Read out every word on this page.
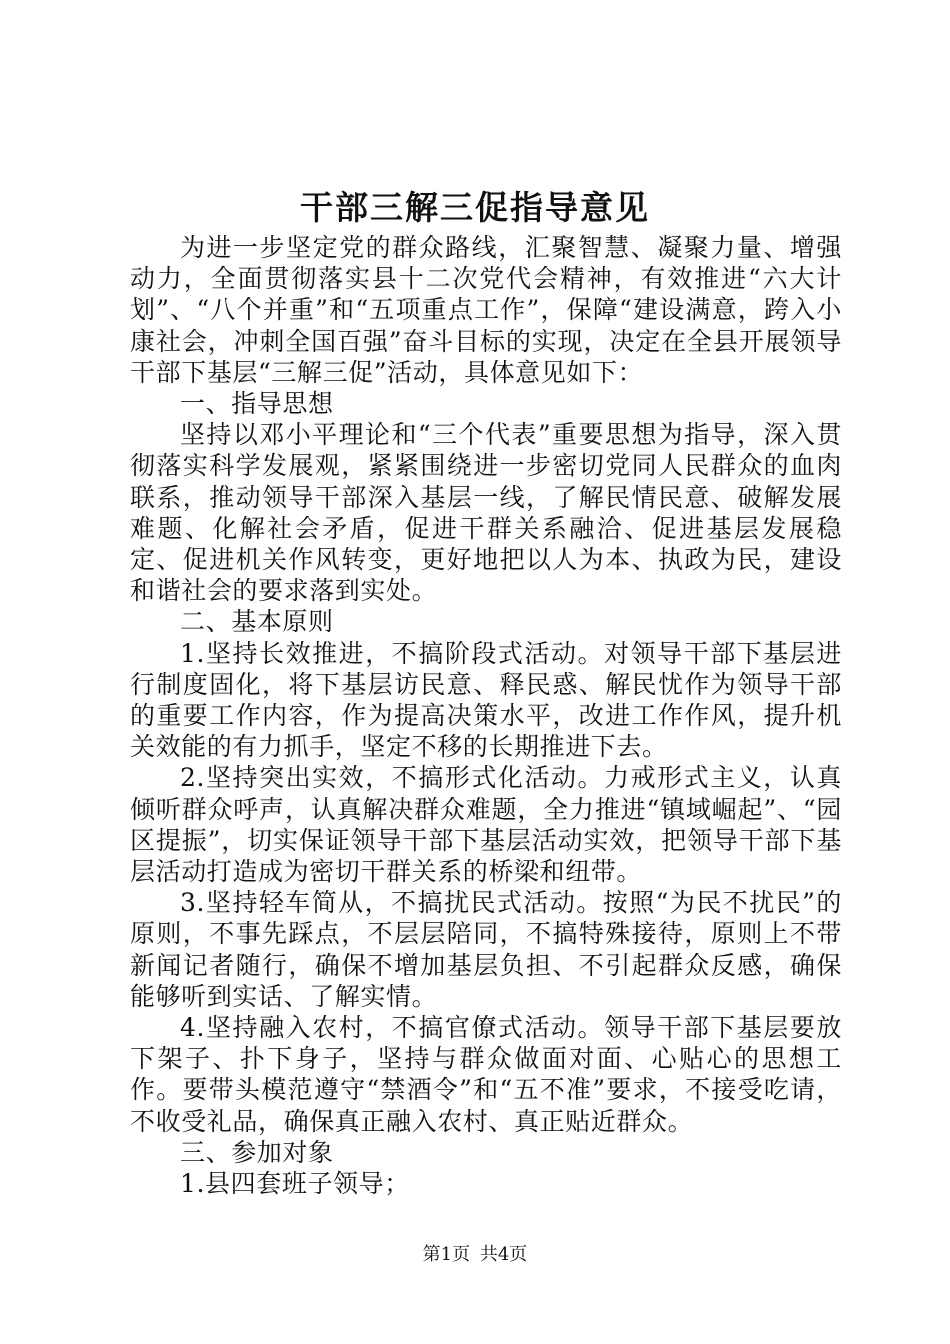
干部三解三促指导意见

为进一步坚定党的群众路线，汇聚智慧、凝聚力量、增强动力，全面贯彻落实县十二次党代会精神，有效推进“六大计划”、“八个并重”和“五项重点工作”，保障“建设满意，跨入小康社会，冲刺全国百强”奋斗目标的实现，决定在全县开展领导干部下基层“三解三促”活动，具体意见如下：

一、指导思想

坚持以邓小平理论和“三个代表”重要思想为指导，深入贯彻落实科学发展观，紧紧围绕进一步密切党同人民群众的血肉联系，推动领导干部深入基层一线，了解民情民意、破解发展难题、化解社会矛盾，促进干群关系融洽、促进基层发展稳定、促进机关作风转变，更好地把以人为本、执政为民，建设和谐社会的要求落到实处。

二、基本原则

1.坚持长效推进，不搞阶段式活动。对领导干部下基层进行制度固化，将下基层访民意、释民惑、解民忧作为领导干部的重要工作内容，作为提高决策水平，改进工作作风，提升机关效能的有力抓手，坚定不移的长期推进下去。

2.坚持突出实效，不搞形式化活动。力戒形式主义，认真倾听群众呼声，认真解决群众难题，全力推进“镇域崛起”、“园区提振”，切实保证领导干部下基层活动实效，把领导干部下基层活动打造成为密切干群关系的桥梁和纽带。

3.坚持轻车简从，不搞扰民式活动。按照“为民不扰民”的原则，不事先踩点，不层层陪同，不搞特殊接待，原则上不带新闻记者随行，确保不增加基层负担、不引起群众反感，确保能够听到实话、了解实情。

4.坚持融入农村，不搞官僚式活动。领导干部下基层要放下架子、扑下身子，坚持与群众做面对面、心贴心的思想工作。要带头模范遵守“禁酒令”和“五不准”要求，不接受吃请，不收受礼品，确保真正融入农村、真正贴近群众。

三、参加对象

1.县四套班子领导；

第1页 共4页
